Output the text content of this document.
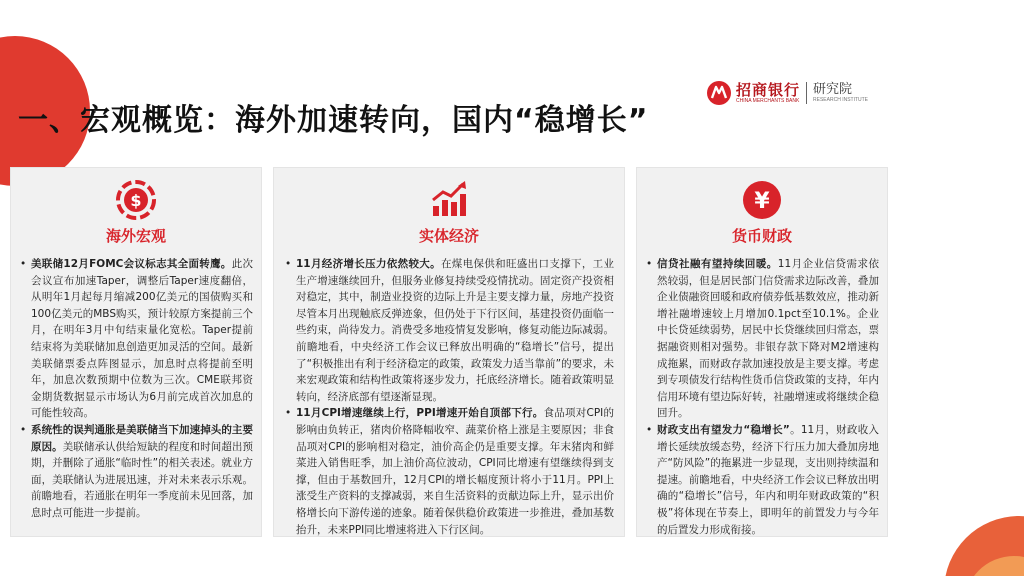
一、宏观概览：海外加速转向，国内“稳增长”
招商银行
CHINA MERCHANTS BANK
研究院
RESEARCH INSTITUTE
$
海外宏观

• 美联储12月FOMC会议标志其全面转鹰。此次会议宣布加速Taper，调整后Taper速度翻倍，从明年1月起每月缩减200亿美元的国债购买和100亿美元的MBS购买，预计较原方案提前三个月，在明年3月中旬结束量化宽松。Taper提前结束将为美联储加息创造更加灵活的空间。最新美联储票委点阵图显示，加息时点将提前至明年，加息次数预期中位数为三次。CME联邦资金期货数据显示市场认为6月前完成首次加息的可能性较高。

• 系统性的误判通胀是美联储当下加速掉头的主要原因。美联储承认供给短缺的程度和时间超出预期，并删除了通胀“临时性”的相关表述。就业方面，美联储认为进展迅速，并对未来表示乐观。前瞻地看，若通胀在明年一季度前未见回落，加息时点可能进一步提前。

实体经济

• 11月经济增长压力依然较大。在煤电保供和旺盛出口支撑下，工业生产增速继续回升，但服务业修复持续受疫情扰动。固定资产投资相对稳定，其中，制造业投资的边际上升是主要支撑力量，房地产投资尽管本月出现触底反弹迹象，但仍处于下行区间，基建投资仍面临一些约束，尚待发力。消费受多地疫情复发影响，修复动能边际减弱。前瞻地看，中央经济工作会议已释放出明确的“稳增长”信号，提出了“积极推出有利于经济稳定的政策，政策发力适当靠前”的要求，未来宏观政策和结构性政策将逐步发力，托底经济增长。随着政策明显转向，经济底部有望逐渐显现。

• 11月CPI增速继续上行，PPI增速开始自顶部下行。食品项对CPI的影响由负转正，猪肉价格降幅收窄、蔬菜价格上涨是主要原因；非食品项对CPI的影响相对稳定，油价高企仍是重要支撑。年末猪肉和鲜菜进入销售旺季，加上油价高位波动，CPI同比增速有望继续得到支撑，但由于基数回升，12月CPI的增长幅度预计将小于11月。PPI上涨受生产资料的支撑减弱，来自生活资料的贡献边际上升，显示出价格增长向下游传递的迹象。随着保供稳价政策进一步推进，叠加基数抬升，未来PPI同比增速将进入下行区间。

¥
货币财政

• 信贷社融有望持续回暖。11月企业信贷需求依然较弱，但是居民部门信贷需求边际改善，叠加企业债融资回暖和政府债券低基数效应，推动新增社融增速较上月增加0.1pct至10.1%。企业中长贷延续弱势，居民中长贷继续回归常态，票据融资则相对强势。非银存款下降对M2增速构成拖累，而财政存款加速投放是主要支撑。考虑到专项债发行结构性货币信贷政策的支持，年内信用环境有望边际好转，社融增速或将继续企稳回升。

• 财政支出有望发力“稳增长”。11月，财政收入增长延续放缓态势，经济下行压力加大叠加房地产“防风险”的拖累进一步显现，支出则持续温和提速。前瞻地看，中央经济工作会议已释放出明确的“稳增长”信号，年内和明年财政政策的“积极”将体现在节奏上，即明年的前置发力与今年的后置发力形成衔接。
